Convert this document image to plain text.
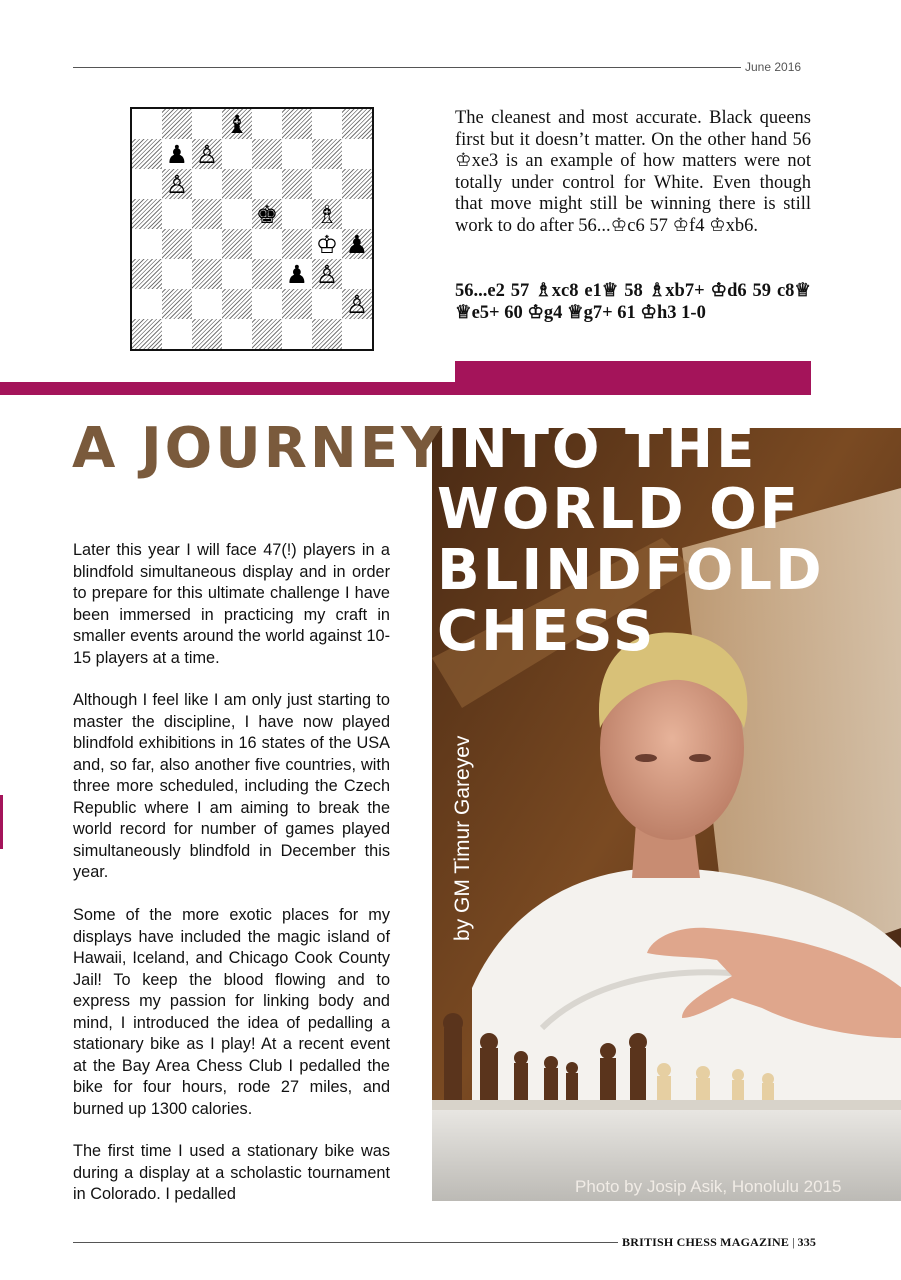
June 2016
♝
♟ ♙
♙
♚ ♗
♔ ♟
♟ ♙
♙
The cleanest and most accurate. Black queens first but it doesn’t matter. On the other hand 56 ♔xe3 is an example of how matters were not totally under control for White. Even though that move might still be winning there is still work to do after 56...♔c6 57 ♔f4 ♔xb6.
56...e2 57 ♗xc8 e1♕ 58 ♗xb7+ ♔d6 59 c8♕ ♕e5+ 60 ♔g4 ♕g7+ 61 ♔h3 1-0
A JOURNEY
INTO THE
WORLD OF
BLINDFOLD
CHESS
by GM Timur Gareyev
Photo by Josip Asik, Honolulu 2015
Later this year I will face 47(!) players in a blindfold simultaneous display and in order to prepare for this ultimate challenge I have been immersed in practicing my craft in smaller events around the world against 10-15 players at a time.
Although I feel like I am only just starting to master the discipline, I have now played blindfold exhibitions in 16 states of the USA and, so far, also another five countries, with three more scheduled, including the Czech Republic where I am aiming to break the world record for number of games played simultaneously blindfold in December this year.
Some of the more exotic places for my displays have included the magic island of Hawaii, Iceland, and Chicago Cook County Jail! To keep the blood flowing and to express my passion for linking body and mind, I introduced the idea of pedalling a stationary bike as I play! At a recent event at the Bay Area Chess Club I pedalled the bike for four hours, rode 27 miles, and burned up 1300 calories.
The first time I used a stationary bike was during a display at a scholastic tournament in Colorado. I pedalled
BRITISH CHESS MAGAZINE | 335
